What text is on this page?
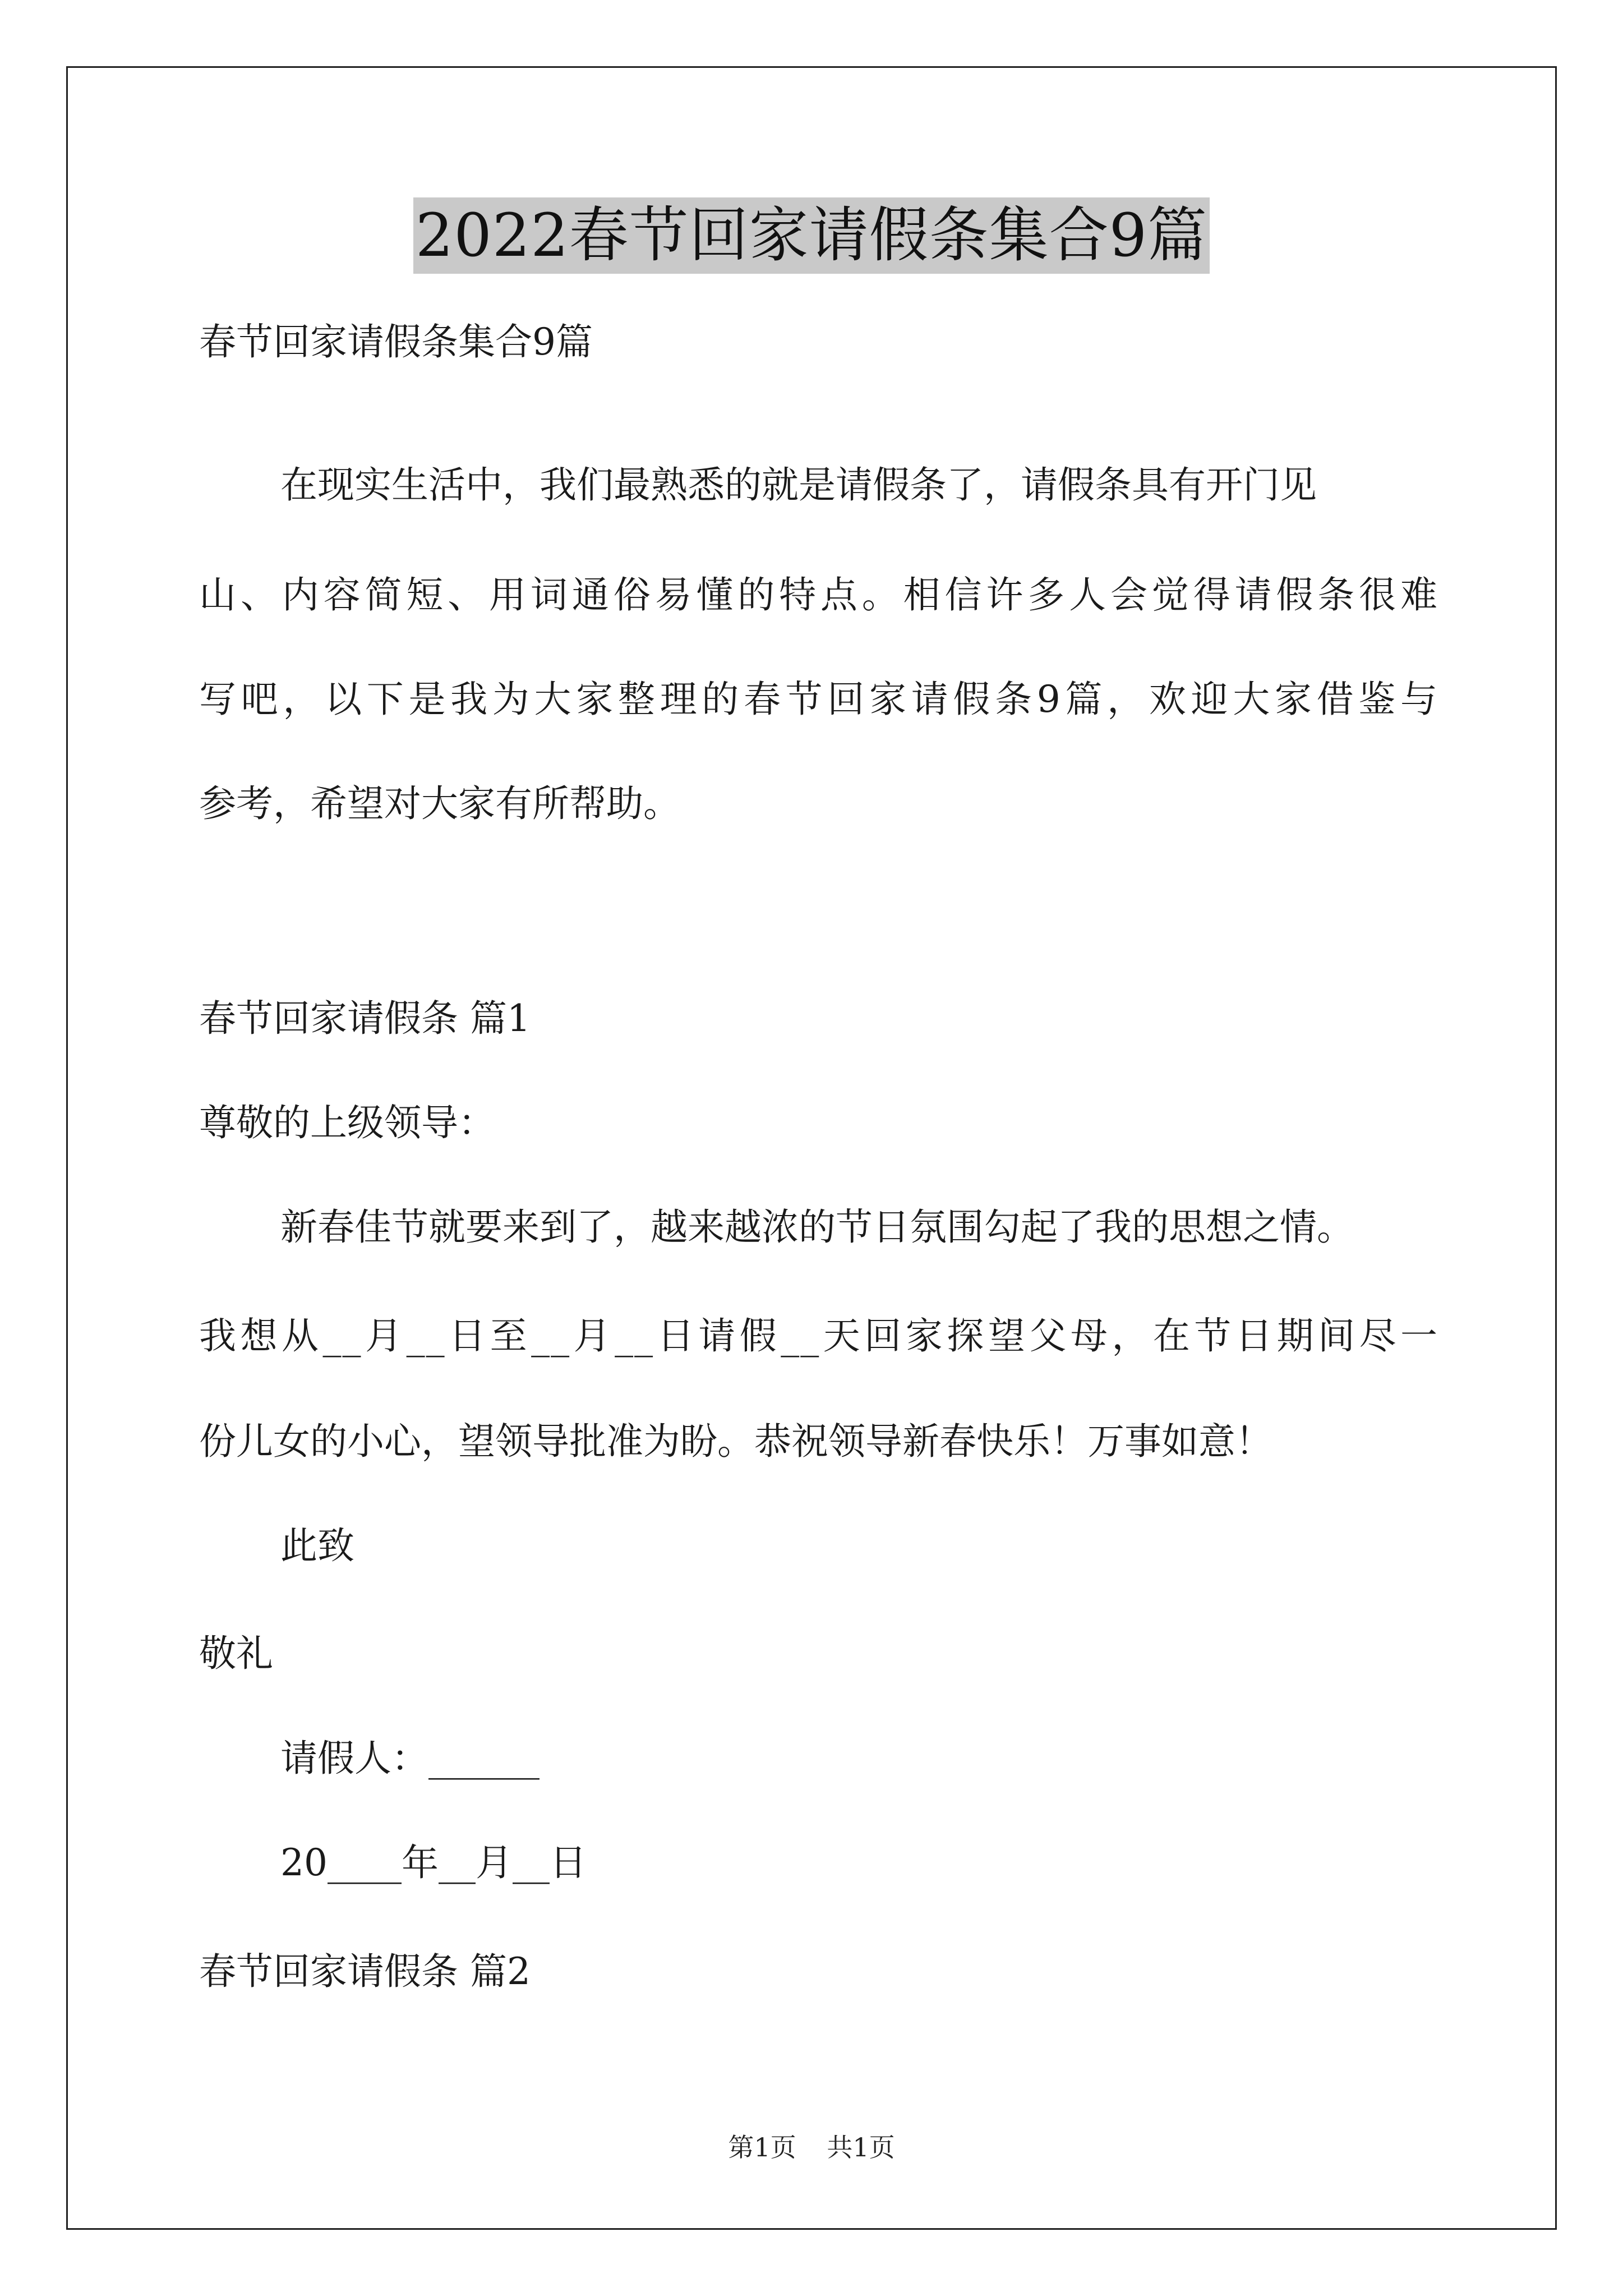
2022春节回家请假条集合9篇
春节回家请假条集合9篇
在现实生活中，我们最熟悉的就是请假条了，请假条具有开门见
山、内容简短、用词通俗易懂的特点。相信许多人会觉得请假条很难
写吧，以下是我为大家整理的春节回家请假条9篇，欢迎大家借鉴与
参考，希望对大家有所帮助。
春节回家请假条 篇1
尊敬的上级领导：
新春佳节就要来到了，越来越浓的节日氛围勾起了我的思想之情。
我想从__月__日至__月__日请假__天回家探望父母，在节日期间尽一
份儿女的小心，望领导批准为盼。恭祝领导新春快乐！万事如意！
此致
敬礼
请假人：______
20____年__月__日
春节回家请假条 篇2
第1页 共1页
